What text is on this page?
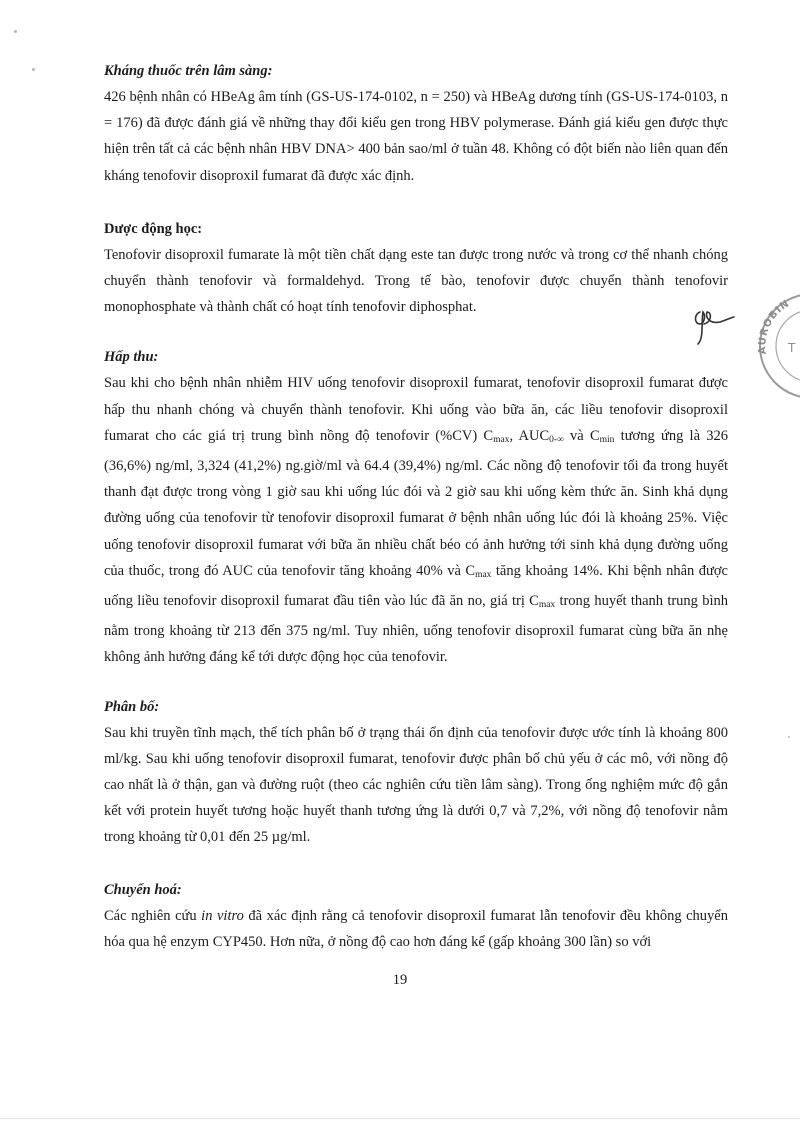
Kháng thuốc trên lâm sàng:

426 bệnh nhân có HBeAg âm tính (GS-US-174-0102, n = 250) và HBeAg dương tính (GS-US-174-0103, n = 176) đã được đánh giá về những thay đổi kiểu gen trong HBV polymerase. Đánh giá kiểu gen được thực hiện trên tất cả các bệnh nhân HBV DNA> 400 bản sao/ml ở tuần 48. Không có đột biến nào liên quan đến kháng tenofovir disoproxil fumarat đã được xác định.

Dược động học:

Tenofovir disoproxil fumarate là một tiền chất dạng este tan được trong nước và trong cơ thể nhanh chóng chuyển thành tenofovir và formaldehyd. Trong tế bào, tenofovir được chuyển thành tenofovir monophosphate và thành chất có hoạt tính tenofovir diphosphat.

Hấp thu:

Sau khi cho bệnh nhân nhiễm HIV uống tenofovir disoproxil fumarat, tenofovir disoproxil fumarat được hấp thu nhanh chóng và chuyển thành tenofovir. Khi uống vào bữa ăn, các liều tenofovir disoproxil fumarat cho các giá trị trung bình nồng độ tenofovir (%CV) $C_{max}$, $AUC_{0-\infty}$ và $C_{min}$ tương ứng là 326 (36,6%) ng/ml, 3,324 (41,2%) ng.giờ/ml và 64.4 (39,4%) ng/ml. Các nồng độ tenofovir tối đa trong huyết thanh đạt được trong vòng 1 giờ sau khi uống lúc đói và 2 giờ sau khi uống kèm thức ăn. Sinh khả dụng đường uống của tenofovir từ tenofovir disoproxil fumarat ở bệnh nhân uống lúc đói là khoảng 25%. Việc uống tenofovir disoproxil fumarat với bữa ăn nhiều chất béo có ảnh hưởng tới sinh khả dụng đường uống của thuốc, trong đó AUC của tenofovir tăng khoảng 40% và $C_{max}$ tăng khoảng 14%. Khi bệnh nhân được uống liều tenofovir disoproxil fumarat đầu tiên vào lúc đã ăn no, giá trị $C_{max}$ trong huyết thanh trung bình nằm trong khoảng từ 213 đến 375 ng/ml. Tuy nhiên, uống tenofovir disoproxil fumarat cùng bữa ăn nhẹ không ảnh hưởng đáng kể tới dược động học của tenofovir.

Phân bố:

Sau khi truyền tĩnh mạch, thể tích phân bố ở trạng thái ổn định của tenofovir được ước tính là khoảng 800 ml/kg. Sau khi uống tenofovir disoproxil fumarat, tenofovir được phân bố chủ yếu ở các mô, với nồng độ cao nhất là ở thận, gan và đường ruột (theo các nghiên cứu tiền lâm sàng). Trong ống nghiệm mức độ gắn kết với protein huyết tương hoặc huyết thanh tương ứng là dưới 0,7 và 7,2%, với nồng độ tenofovir nằm trong khoảng từ 0,01 đến 25 µg/ml.

Chuyển hoá:

Các nghiên cứu in vitro đã xác định rằng cả tenofovir disoproxil fumarat lẫn tenofovir đều không chuyển hóa qua hệ enzym CYP450. Hơn nữa, ở nồng độ cao hơn đáng kể (gấp khoảng 300 lần) so với

AUROBIN
T

19
